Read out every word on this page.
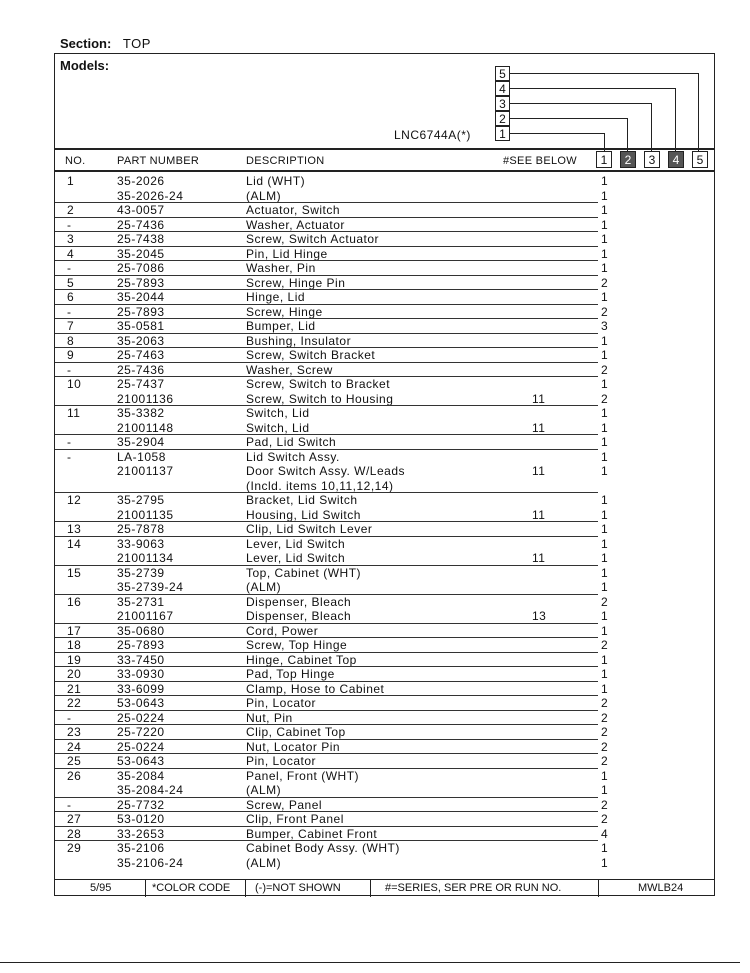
Section: TOP
Models:
LNC6744A(*)
5
4
3
2
1
NO.	PART NUMBER	DESCRIPTION	#SEE BELOW	1	2	3	4	5
1	35-2026	Lid (WHT)	1
35-2026-24	(ALM)	1
2	43-0057	Actuator, Switch	1
-	25-7436	Washer, Actuator	1
3	25-7438	Screw, Switch Actuator	1
4	35-2045	Pin, Lid Hinge	1
-	25-7086	Washer, Pin	1
5	25-7893	Screw, Hinge Pin	2
6	35-2044	Hinge, Lid	1
-	25-7893	Screw, Hinge	2
7	35-0581	Bumper, Lid	3
8	35-2063	Bushing, Insulator	1
9	25-7463	Screw, Switch Bracket	1
-	25-7436	Washer, Screw	2
10	25-7437	Screw, Switch to Bracket	1
21001136	Screw, Switch to Housing	11	2
11	35-3382	Switch, Lid	1
21001148	Switch, Lid	11	1
-	35-2904	Pad, Lid Switch	1
-	LA-1058	Lid Switch Assy.	1
21001137	Door Switch Assy. W/Leads	11	1
(Incld. items 10,11,12,14)
12	35-2795	Bracket, Lid Switch	1
21001135	Housing, Lid Switch	11	1
13	25-7878	Clip, Lid Switch Lever	1
14	33-9063	Lever, Lid Switch	1
21001134	Lever, Lid Switch	11	1
15	35-2739	Top, Cabinet (WHT)	1
35-2739-24	(ALM)	1
16	35-2731	Dispenser, Bleach	2
21001167	Dispenser, Bleach	13	1
17	35-0680	Cord, Power	1
18	25-7893	Screw, Top Hinge	2
19	33-7450	Hinge, Cabinet Top	1
20	33-0930	Pad, Top Hinge	1
21	33-6099	Clamp, Hose to Cabinet	1
22	53-0643	Pin, Locator	2
-	25-0224	Nut, Pin	2
23	25-7220	Clip, Cabinet Top	2
24	25-0224	Nut, Locator Pin	2
25	53-0643	Pin, Locator	2
26	35-2084	Panel, Front (WHT)	1
35-2084-24	(ALM)	1
-	25-7732	Screw, Panel	2
27	53-0120	Clip, Front Panel	2
28	33-2653	Bumper, Cabinet Front	4
29	35-2106	Cabinet Body Assy. (WHT)	1
35-2106-24	(ALM)	1
5/95	*COLOR CODE (-)=NOT SHOWN	#=SERIES, SER PRE OR RUN NO.	MWLB24
